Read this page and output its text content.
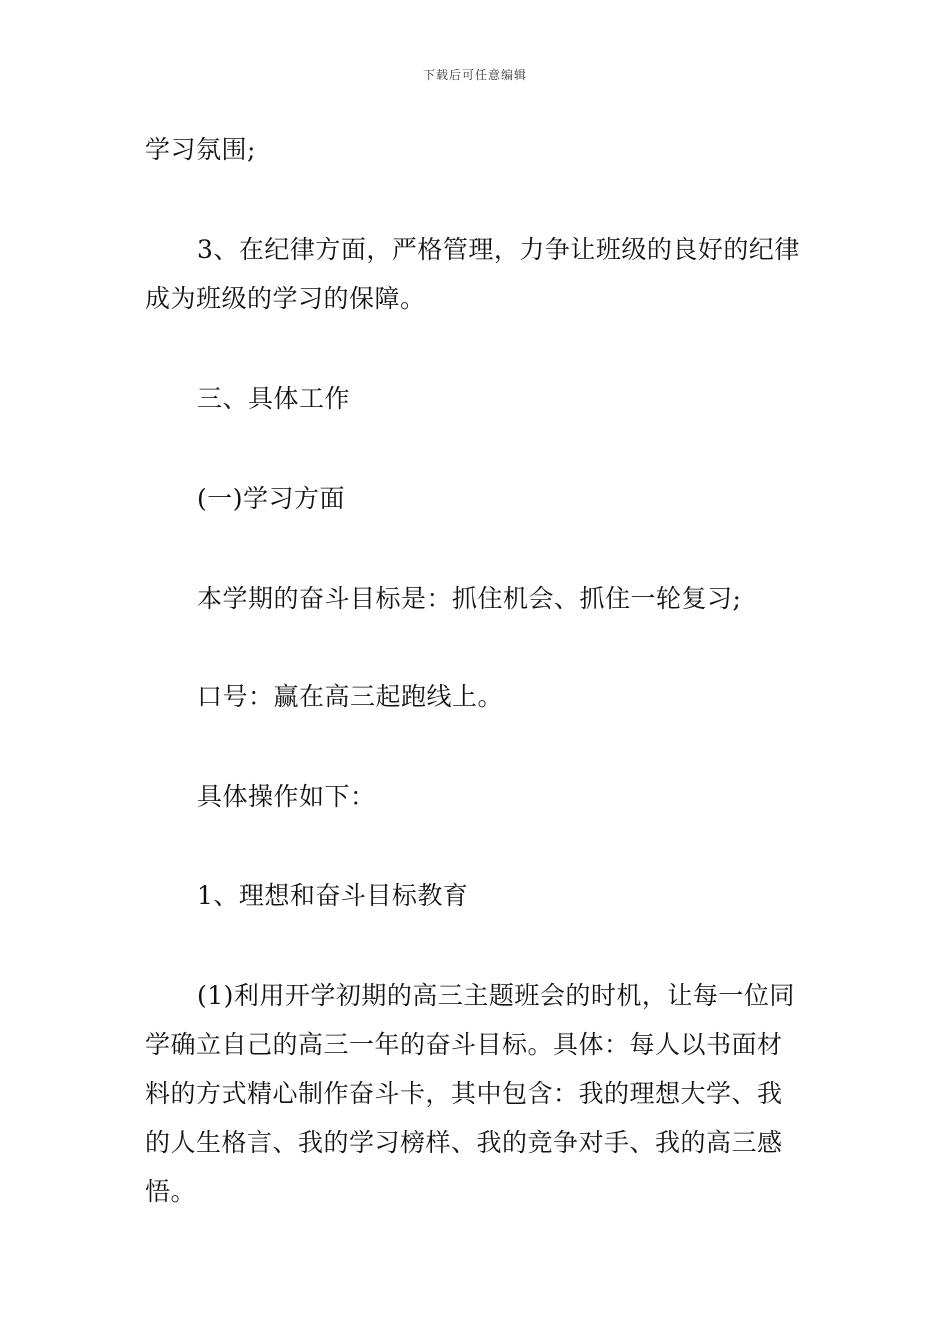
下载后可任意编辑
学习氛围;
3、在纪律方面，严格管理，力争让班级的良好的纪律
成为班级的学习的保障。
三、具体工作
(一)学习方面
本学期的奋斗目标是：抓住机会、抓住一轮复习;
口号：赢在高三起跑线上。
具体操作如下：
1、理想和奋斗目标教育
(1)利用开学初期的高三主题班会的时机，让每一位同
学确立自己的高三一年的奋斗目标。具体：每人以书面材
料的方式精心制作奋斗卡，其中包含：我的理想大学、我
的人生格言、我的学习榜样、我的竞争对手、我的高三感
悟。
